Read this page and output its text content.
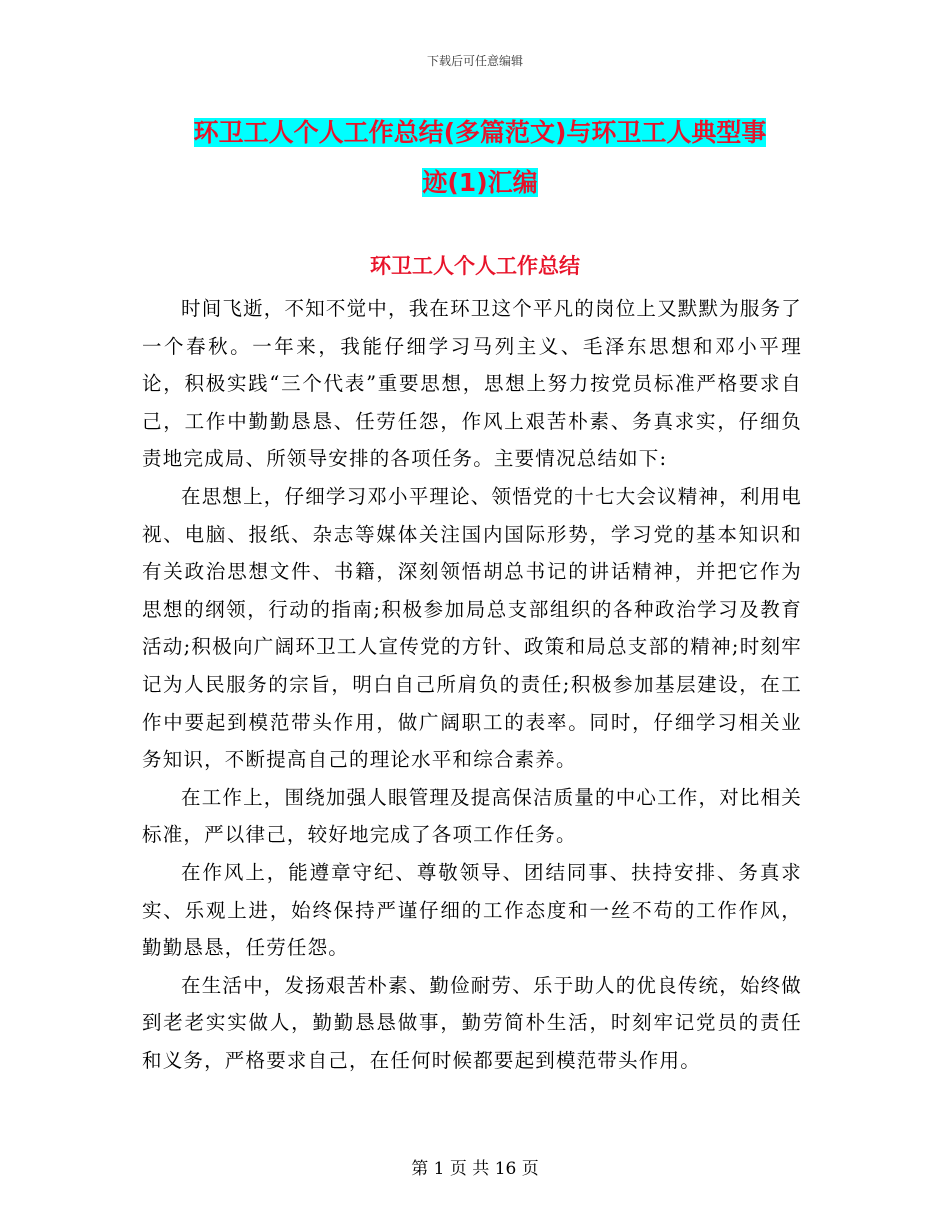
下载后可任意编辑
环卫工人个人工作总结(多篇范文)与环卫工人典型事
迹(1)汇编
环卫工人个人工作总结

时间飞逝，不知不觉中，我在环卫这个平凡的岗位上又默默为服务了一个春秋。一年来，我能仔细学习马列主义、毛泽东思想和邓小平理论，积极实践“三个代表”重要思想，思想上努力按党员标准严格要求自己，工作中勤勤恳恳、任劳任怨，作风上艰苦朴素、务真求实，仔细负责地完成局、所领导安排的各项任务。主要情况总结如下:

在思想上，仔细学习邓小平理论、领悟党的十七大会议精神，利用电视、电脑、报纸、杂志等媒体关注国内国际形势，学习党的基本知识和有关政治思想文件、书籍，深刻领悟胡总书记的讲话精神，并把它作为思想的纲领，行动的指南;积极参加局总支部组织的各种政治学习及教育活动;积极向广阔环卫工人宣传党的方针、政策和局总支部的精神;时刻牢记为人民服务的宗旨，明白自己所肩负的责任;积极参加基层建设，在工作中要起到模范带头作用，做广阔职工的表率。同时，仔细学习相关业务知识，不断提高自己的理论水平和综合素养。

在工作上，围绕加强人眼管理及提高保洁质量的中心工作，对比相关标准，严以律己，较好地完成了各项工作任务。

在作风上，能遵章守纪、尊敬领导、团结同事、扶持安排、务真求实、乐观上进，始终保持严谨仔细的工作态度和一丝不苟的工作作风，勤勤恳恳，任劳任怨。

在生活中，发扬艰苦朴素、勤俭耐劳、乐于助人的优良传统，始终做到老老实实做人，勤勤恳恳做事，勤劳简朴生活，时刻牢记党员的责任和义务，严格要求自己，在任何时候都要起到模范带头作用。

第 1 页 共 16 页
